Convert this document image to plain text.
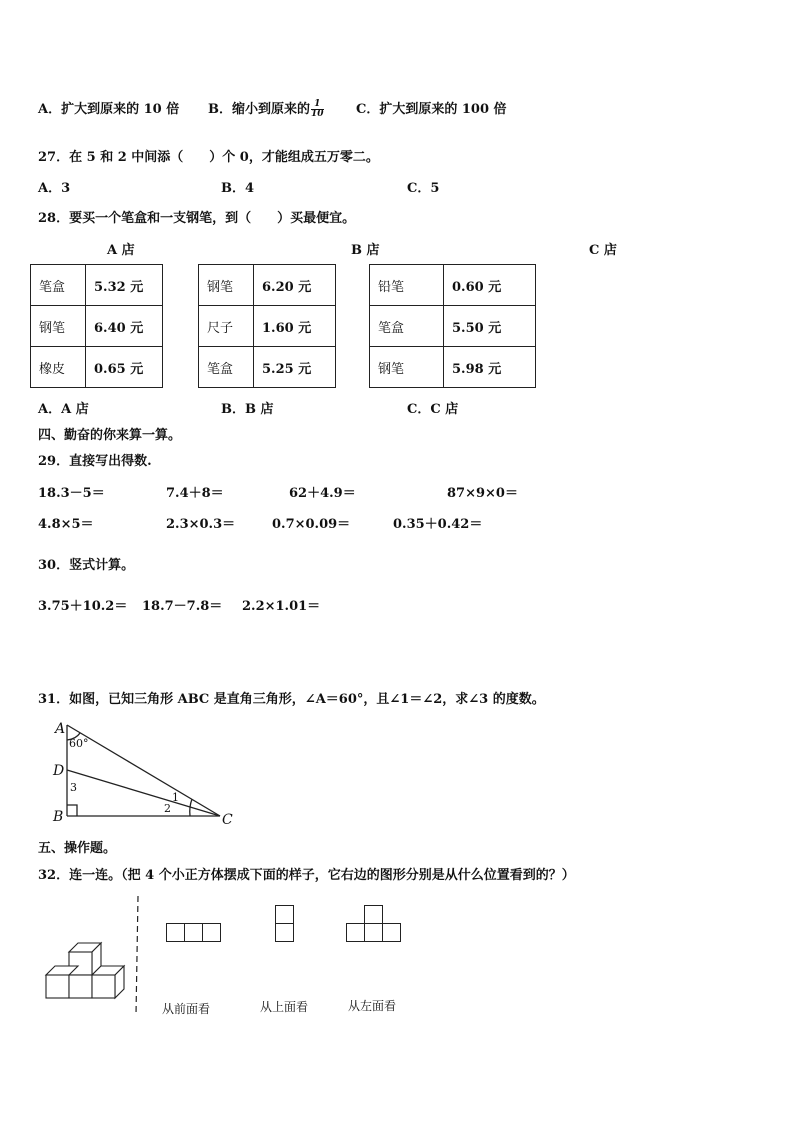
A．扩大到原来的 10 倍 B．缩小到原来的 $\frac{1}{10}$ C．扩大到原来的 100 倍
27．在 5 和 2 中间添（　　）个 0，才能组成五万零二。
A．3	B．4	C．5
28．要买一个笔盒和一支钢笔，到（　　）买最便宜。
A 店	B 店	C 店
笔盒	5.32 元
钢笔	6.40 元
橡皮	0.65 元
钢笔	6.20 元
尺子	1.60 元
笔盒	5.25 元
铅笔	0.60 元
笔盒	5.50 元
钢笔	5.98 元
A．A 店	B．B 店	C．C 店
四、勤奋的你来算一算。
29．直接写出得数.
18.3－5＝	7.4＋8＝	62＋4.9＝	87×9×0＝
4.8×5＝	2.3×0.3＝	0.7×0.09＝	0.35＋0.42＝
30．竖式计算。
3.75＋10.2＝ 18.7－7.8＝ 2.2×1.01＝
31．如图，已知三角形 ABC 是直角三角形，∠A＝60°，且∠1＝∠2，求∠3 的度数。
A
D
B	C
60°
3
1
2
五、操作题。
32．连一连。（把 4 个小正方体摆成下面的样子，它右边的图形分别是从什么位置看到的？）
从前面看	从上面看	从左面看
